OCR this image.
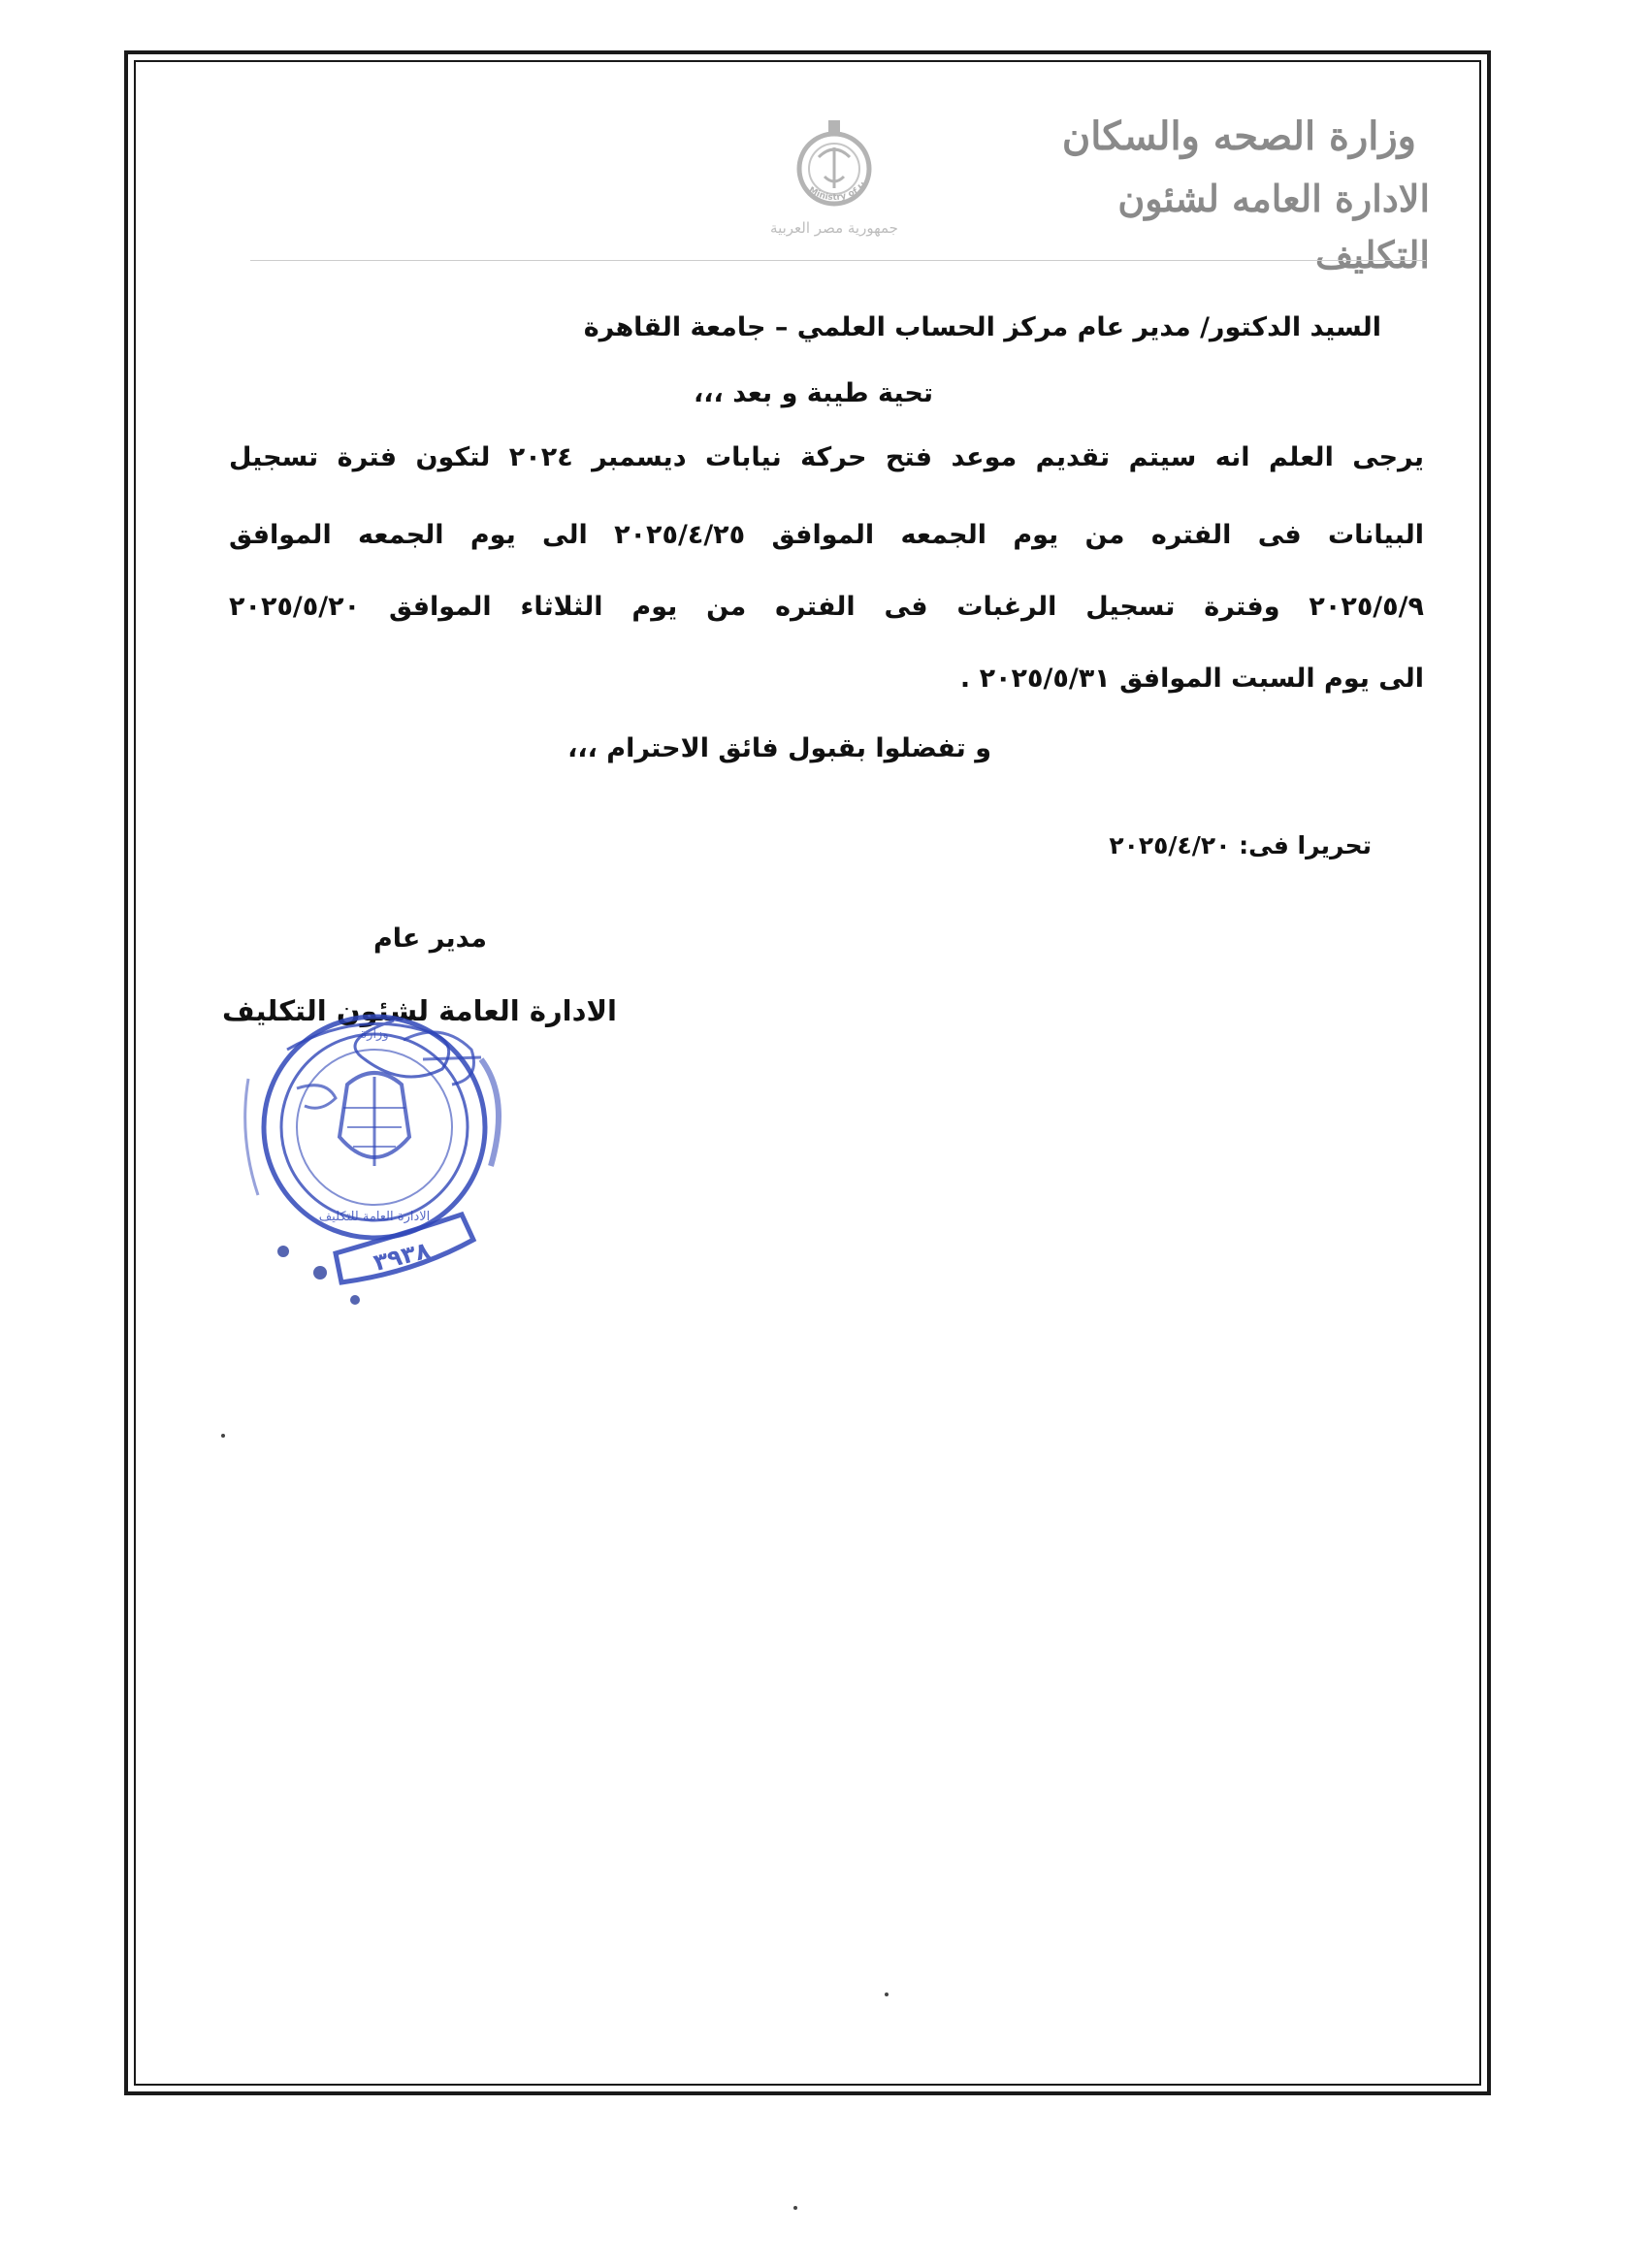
وزارة الصحه والسكان
الادارة العامه لشئون التكليف
Ministry of H
جمهورية مصر العربية
السيد الدكتور/ مدير عام مركز الحساب العلمي – جامعة القاهرة
تحية طيبة و بعد ،،،
يرجى العلم انه سيتم تقديم موعد فتح حركة نيابات ديسمبر ٢٠٢٤ لتكون فترة تسجيل
البيانات فى الفتره من يوم الجمعه الموافق ٢٠٢٥/٤/٢٥ الى يوم الجمعه الموافق
٢٠٢٥/٥/٩ وفترة تسجيل الرغبات فى الفتره من يوم الثلاثاء الموافق ٢٠٢٥/٥/٢٠
الى يوم السبت الموافق ٢٠٢٥/٥/٣١ .
و تفضلوا بقبول فائق الاحترام ،،،
تحريرا فى: ٢٠٢٥/٤/٢٠
مدير عام
الادارة العامة لشئون التكليف
الادارة العامة للتكليف
وزارة
٣٩٣٨
